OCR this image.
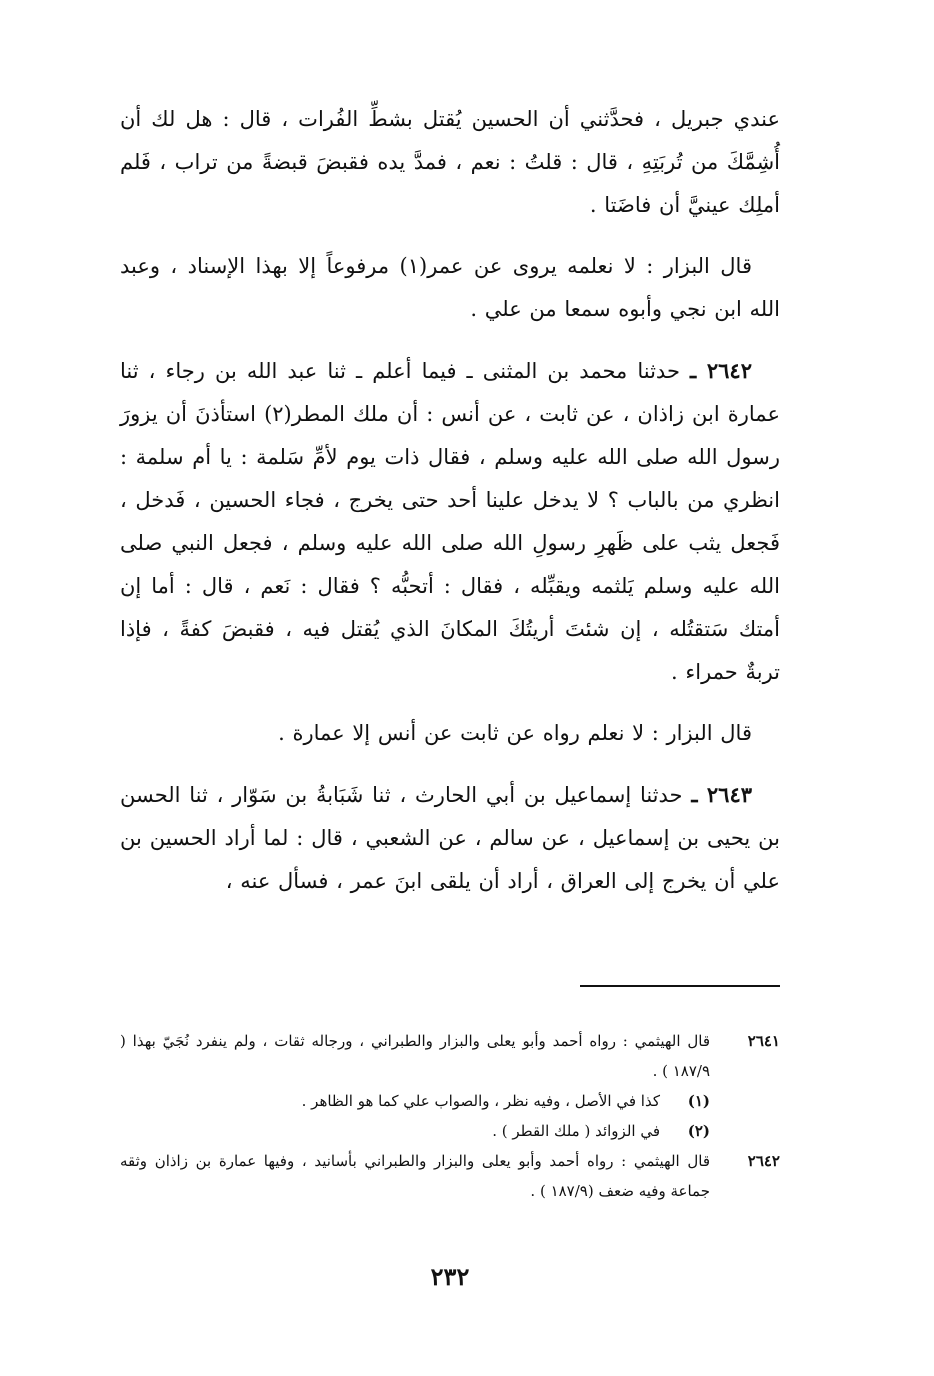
عندي جبريل ، فحدَّثني أن الحسين يُقتل بشطِّ الفُرات ، قال : هل لك أن أُشِمَّكَ من تُربَتِهِ ، قال : قلتُ : نعم ، فمدَّ يده فقبضَ قبضةً من تراب ، فَلم أملِك عينيَّ أن فاضَتا .

قال البزار : لا نعلمه يروى عن عمر(١) مرفوعاً إلا بهذا الإسناد ، وعبد الله ابن نجي وأبوه سمعا من علي .

٢٦٤٢ ـ حدثنا محمد بن المثنى ـ فيما أعلم ـ ثنا عبد الله بن رجاء ، ثنا عمارة ابن زاذان ، عن ثابت ، عن أنس : أن ملك المطر(٢) استأذنَ أن يزورَ رسول الله صلى الله عليه وسلم ، فقال ذات يوم لأمِّ سَلمة : يا أم سلمة : انظري من بالباب ؟ لا يدخل علينا أحد حتى يخرج ، فجاء الحسين ، فَدخل ، فَجعل يثب على ظَهرِ رسولِ الله صلى الله عليه وسلم ، فجعل النبي صلى الله عليه وسلم يَلثمه ويقبِّله ، فقال : أتحبُّه ؟ فقال : نَعم ، قال : أما إن أمتك سَتقتُله ، إن شئتَ أريتُكَ المكانَ الذي يُقتل فيه ، فقبضَ كفةً ، فإذا تربةٌ حمراء .

قال البزار : لا نعلم رواه عن ثابت عن أنس إلا عمارة .

٢٦٤٣ ـ حدثنا إسماعيل بن أبي الحارث ، ثنا شَبَابةُ بن سَوّار ، ثنا الحسن بن يحيى بن إسماعيل ، عن سالم ، عن الشعبي ، قال : لما أراد الحسين بن علي أن يخرج إلى العراق ، أراد أن يلقى ابنَ عمر ، فسأل عنه ،

٢٦٤١
قال الهيثمي : رواه أحمد وأبو يعلى والبزار والطبراني ، ورجاله ثقات ، ولم ينفرد نُجَيّ بهذا ( ١٨٧/٩ ) .
(١)
كذا في الأصل ، وفيه نظر ، والصواب علي كما هو الظاهر .
(٢)
في الزوائد ( ملك القطر ) .
٢٦٤٢
قال الهيثمي : رواه أحمد وأبو يعلى والبزار والطبراني بأسانيد ، وفيها عمارة بن زاذان وثقه جماعة وفيه ضعف (١٨٧/٩ ) .
٢٣٢
